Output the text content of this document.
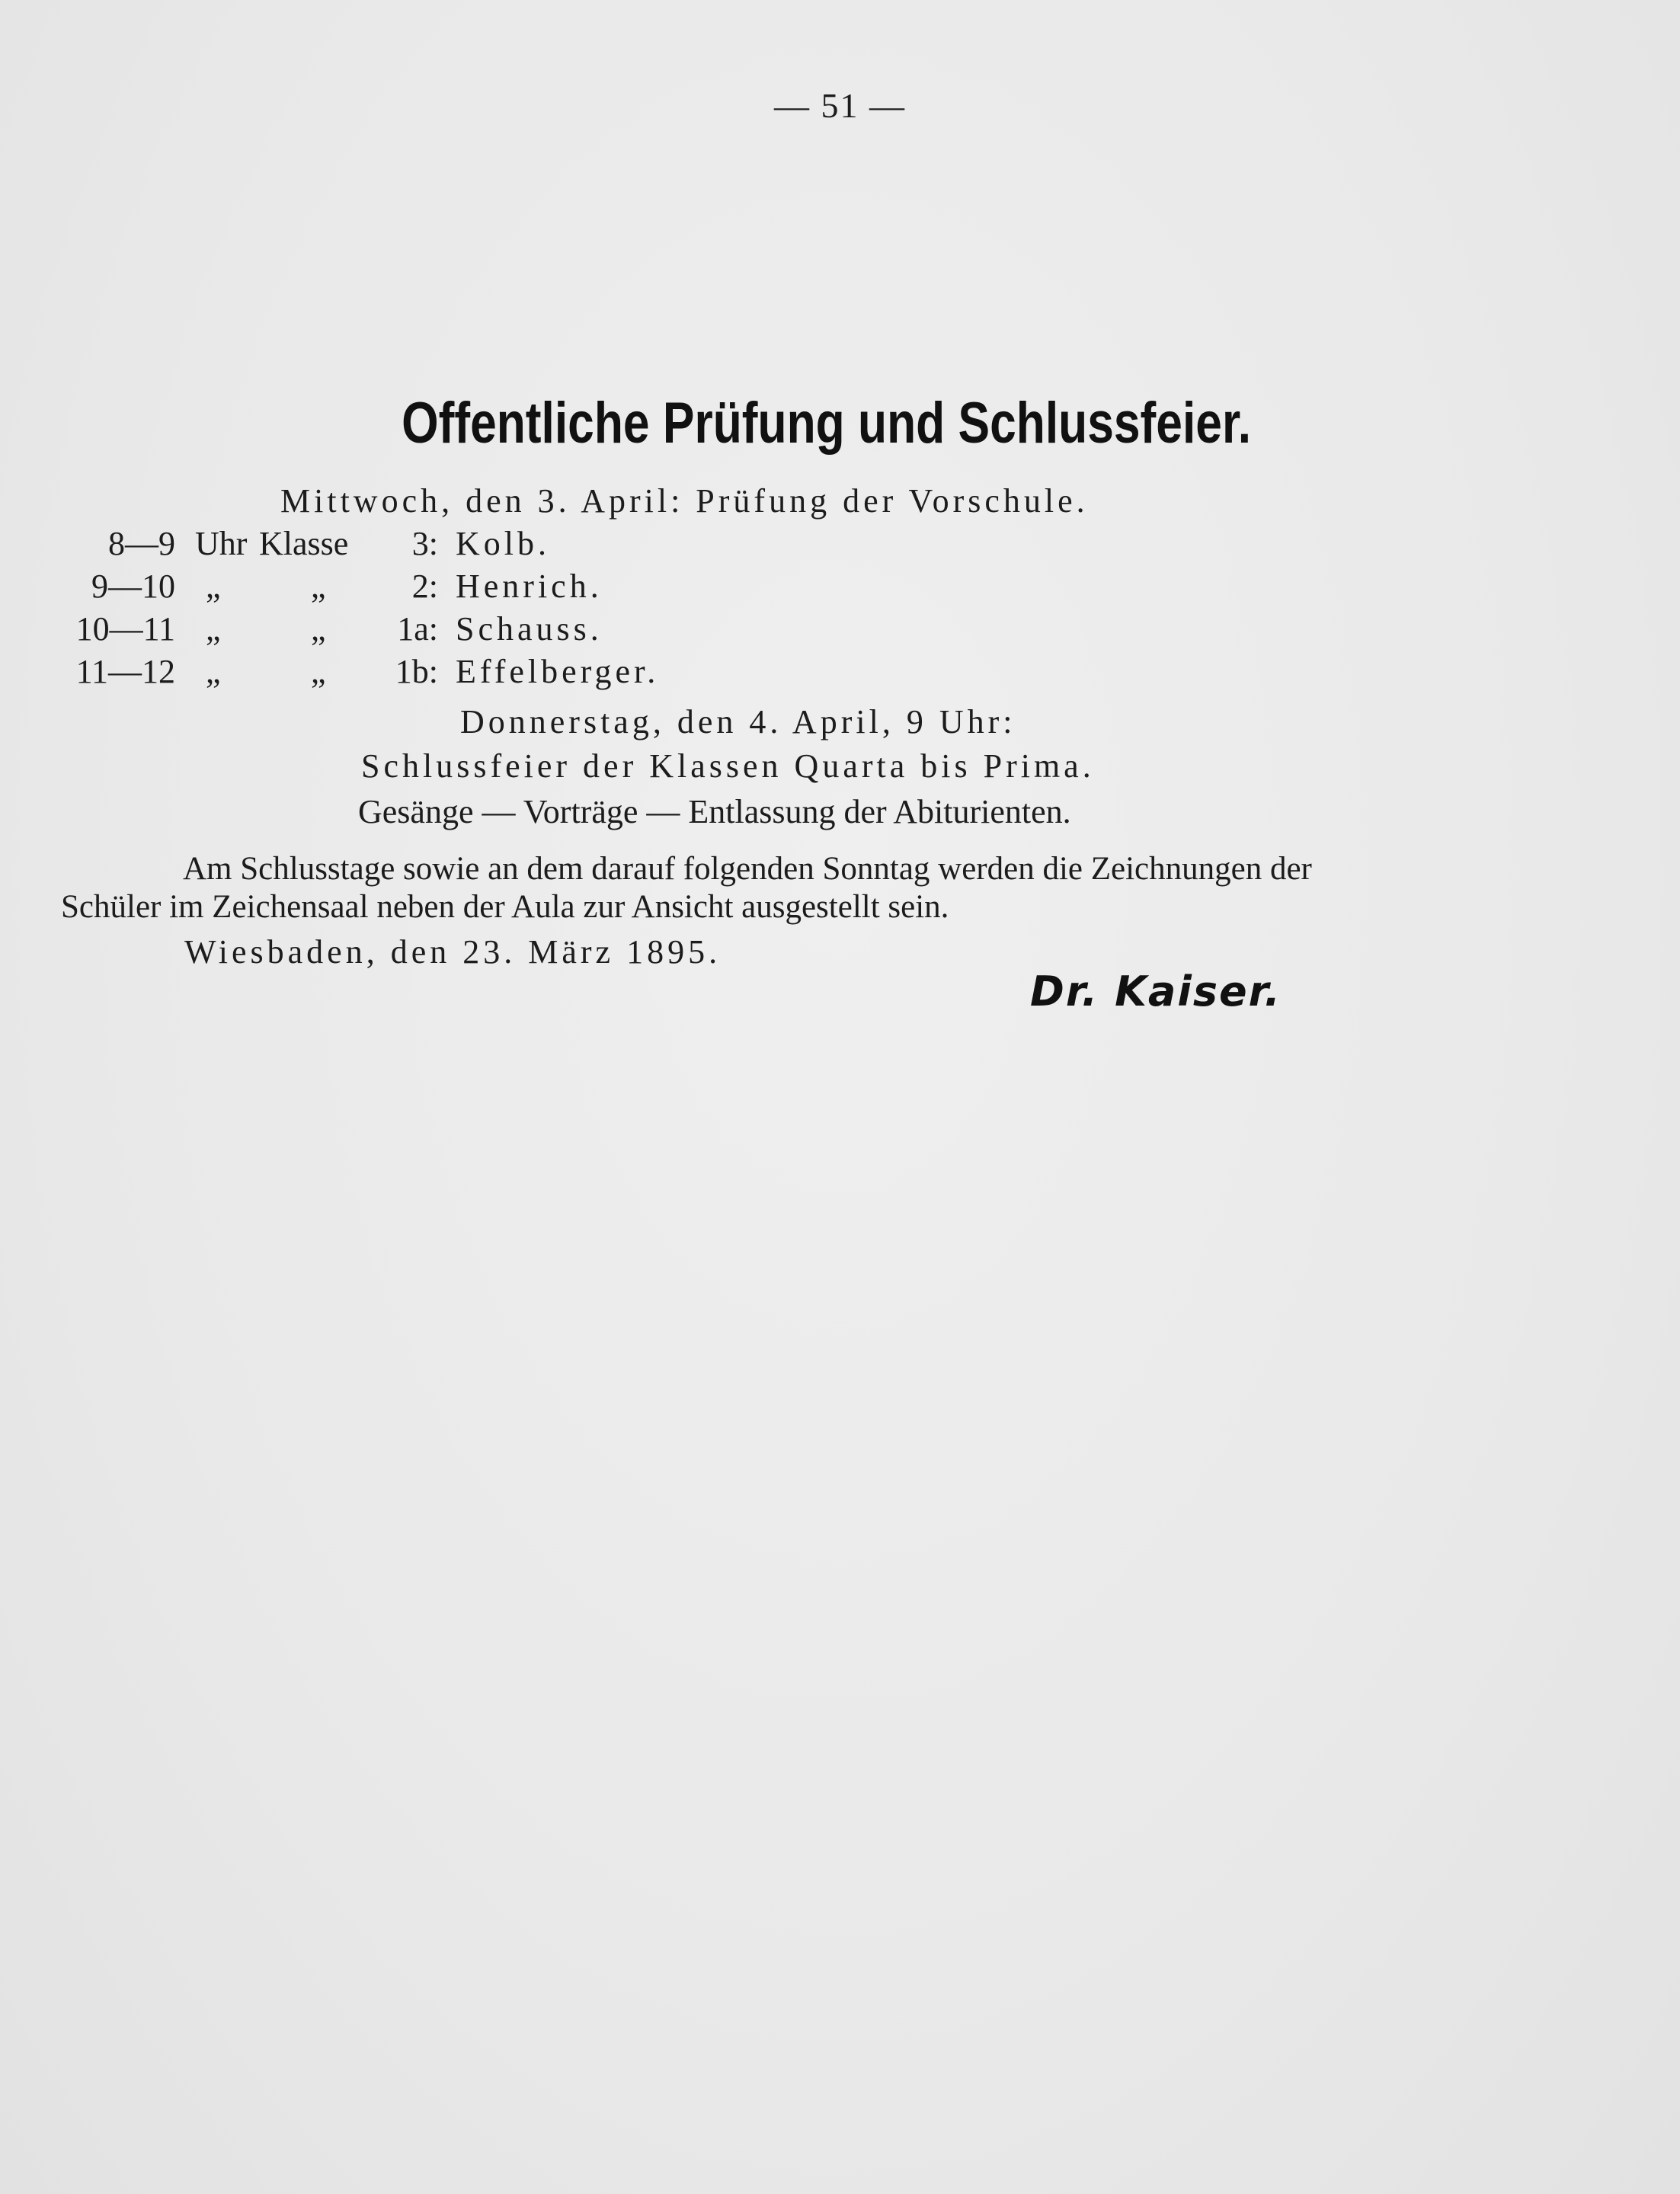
— 51 —
Offentliche Prüfung und Schlussfeier.
Mittwoch, den 3. April: Prüfung der Vorschule.
8—9 Uhr Klasse	3: Kolb.
9—10 „	„	2: Henrich.
10—11 „	„	1a: Schauss.
11—12 „	„	1b: Effelberger.
Donnerstag, den 4. April, 9 Uhr:
Schlussfeier der Klassen Quarta bis Prima.
Gesänge — Vorträge — Entlassung der Abiturienten.
Am Schlusstage sowie an dem darauf folgenden Sonntag werden die Zeichnungen der
Schüler im Zeichensaal neben der Aula zur Ansicht ausgestellt sein.
Wiesbaden, den 23. März 1895.
Dr. Kaiser.
